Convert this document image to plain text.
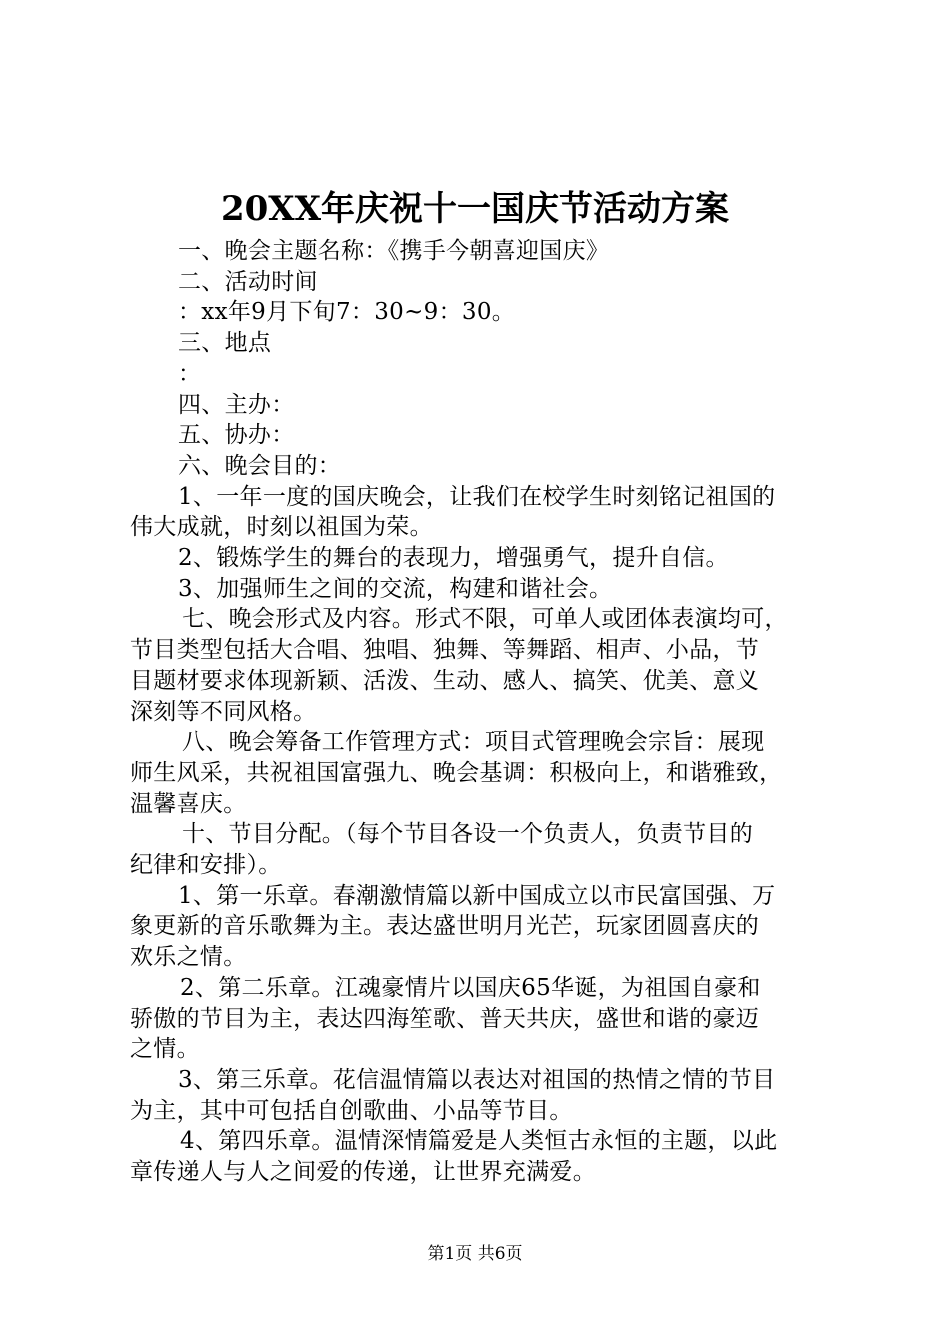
20XX年庆祝十一国庆节活动方案
一、晚会主题名称：《携手今朝喜迎国庆》
二、活动时间
：xx年9月下旬7：30~9：30。
三、地点
：
四、主办：
五、协办：
六、晚会目的：
1、一年一度的国庆晚会，让我们在校学生时刻铭记祖国的
伟大成就，时刻以祖国为荣。
2、锻炼学生的舞台的表现力，增强勇气，提升自信。
3、加强师生之间的交流，构建和谐社会。
七、晚会形式及内容。形式不限，可单人或团体表演均可，
节目类型包括大合唱、独唱、独舞、等舞蹈、相声、小品，节
目题材要求体现新颖、活泼、生动、感人、搞笑、优美、意义
深刻等不同风格。
八、晚会筹备工作管理方式：项目式管理晚会宗旨：展现
师生风采，共祝祖国富强九、晚会基调：积极向上，和谐雅致，
温馨喜庆。
十、节目分配。（每个节目各设一个负责人，负责节目的
纪律和安排）。
1、第一乐章。春潮激情篇以新中国成立以市民富国强、万
象更新的音乐歌舞为主。表达盛世明月光芒，玩家团圆喜庆的
欢乐之情。
2、第二乐章。江魂豪情片以国庆65华诞，为祖国自豪和
骄傲的节目为主，表达四海笙歌、普天共庆，盛世和谐的豪迈
之情。
3、第三乐章。花信温情篇以表达对祖国的热情之情的节目
为主，其中可包括自创歌曲、小品等节目。
4、第四乐章。温情深情篇爱是人类恒古永恒的主题，以此
章传递人与人之间爱的传递，让世界充满爱。
第1页 共6页
